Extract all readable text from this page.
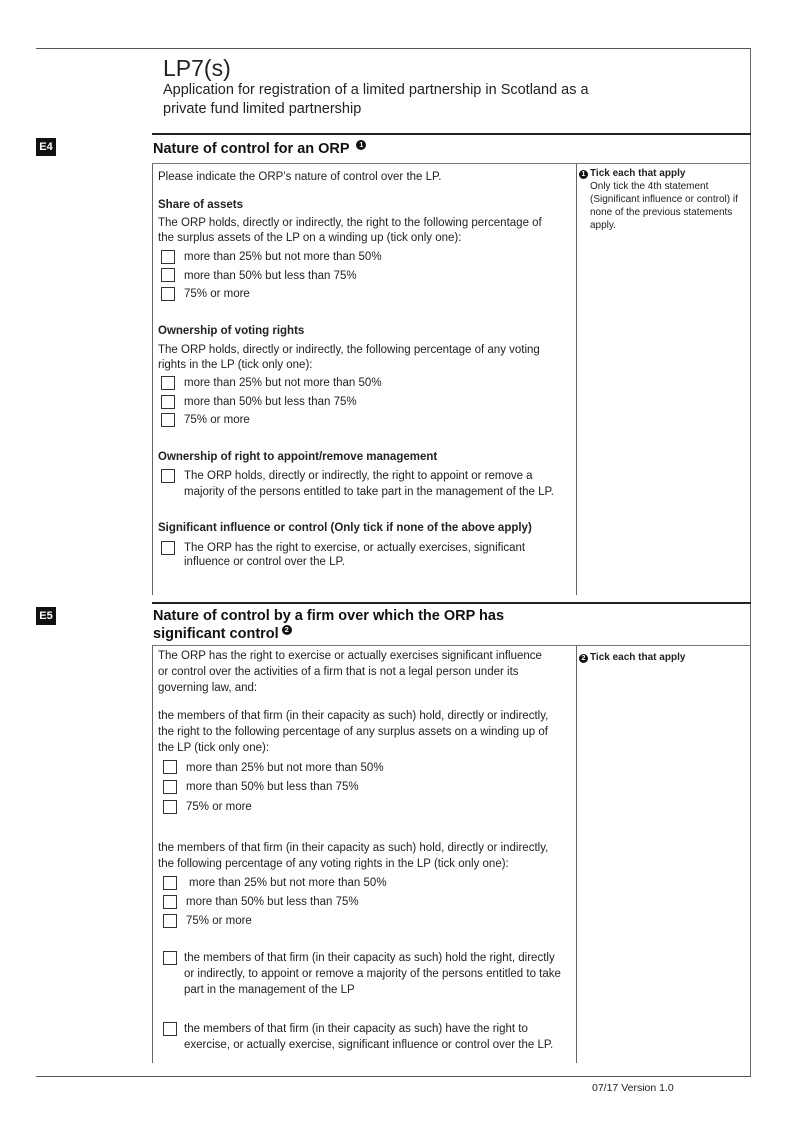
LP7(s)
Application for registration of a limited partnership in Scotland as a private fund limited partnership
E4	Nature of control for an ORP 1
Please indicate the ORP’s nature of control over the LP.
Share of assets
The ORP holds, directly or indirectly, the right to the following percentage of
the surplus assets of the LP on a winding up (tick only one):
more than 25% but not more than 50%
more than 50% but less than 75%
75% or more
Ownership of voting rights
The ORP holds, directly or indirectly, the following percentage of any voting
rights in the LP (tick only one):
more than 25% but not more than 50%
more than 50% but less than 75%
75% or more
Ownership of right to appoint/remove management
The ORP holds, directly or indirectly, the right to appoint or remove a
majority of the persons entitled to take part in the management of the LP.
Significant influence or control (Only tick if none of the above apply)
The ORP has the right to exercise, or actually exercises, significant
influence or control over the LP.
1 Tick each that apply
Only tick the 4th statement
(Significant influence or control) if
none of the previous statements
apply.
E5	Nature of control by a firm over which the ORP has
significant control 2
The ORP has the right to exercise or actually exercises significant influence
or control over the activities of a firm that is not a legal person under its
governing law, and:
the members of that firm (in their capacity as such) hold, directly or indirectly,
the right to the following percentage of any surplus assets on a winding up of
the LP (tick only one):
more than 25% but not more than 50%
more than 50% but less than 75%
75% or more
the members of that firm (in their capacity as such) hold, directly or indirectly,
the following percentage of any voting rights in the LP (tick only one):
more than 25% but not more than 50%
more than 50% but less than 75%
75% or more
the members of that firm (in their capacity as such) hold the right, directly
or indirectly, to appoint or remove a majority of the persons entitled to take
part in the management of the LP
the members of that firm (in their capacity as such) have the right to
exercise, or actually exercise, significant influence or control over the LP.
2 Tick each that apply
07/17 Version 1.0
